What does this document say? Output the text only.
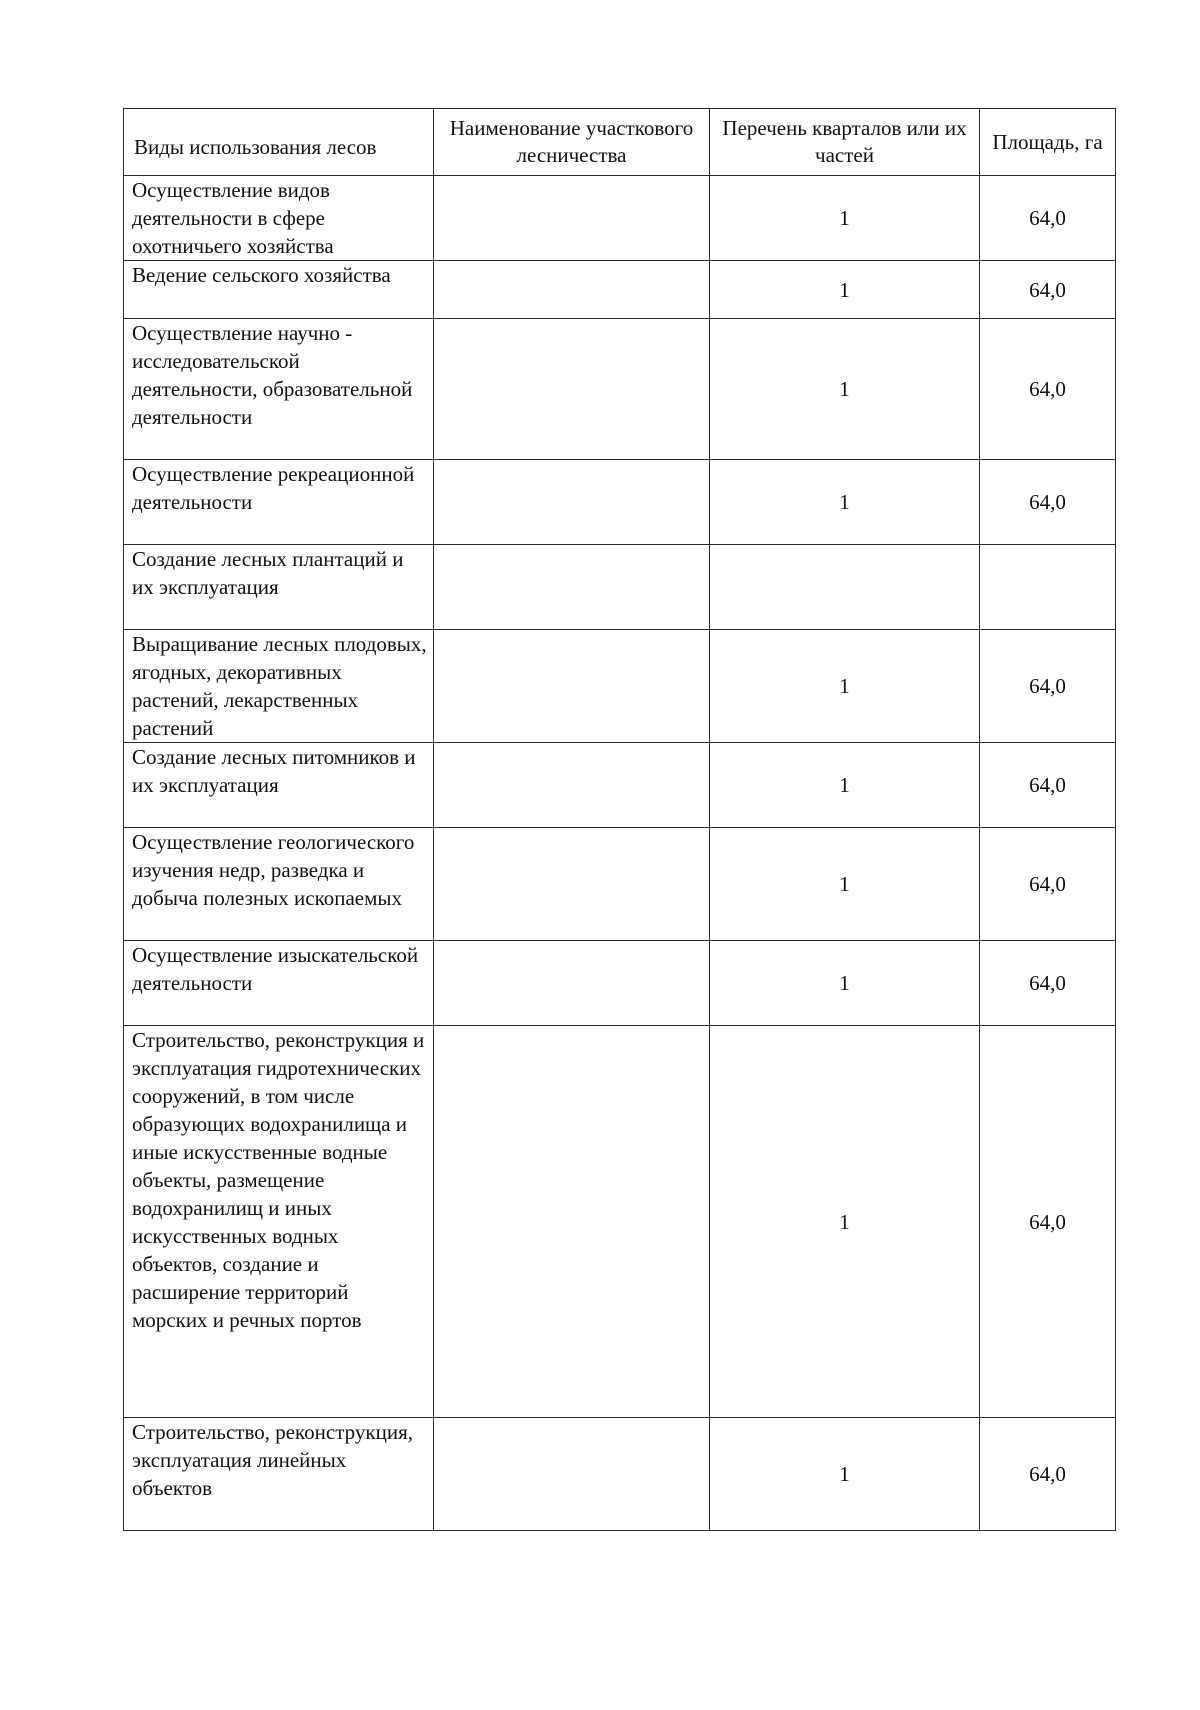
Виды использования лесов	Наименование участкового лесничества	Перечень кварталов или их частей	Площадь, га
Осуществление видов деятельности в сфере охотничьего хозяйства		1	64,0
Ведение сельского хозяйства		1	64,0
Осуществление научно - исследовательской деятельности, образовательной деятельности		1	64,0
Осуществление рекреационной деятельности		1	64,0
Создание лесных плантаций и их эксплуатация			
Выращивание лесных плодовых, ягодных, декоративных растений, лекарственных растений		1	64,0
Создание лесных питомников и их эксплуатация		1	64,0
Осуществление геологического изучения недр, разведка и добыча полезных ископаемых		1	64,0
Осуществление изыскательской деятельности		1	64,0
Строительство, реконструкция и эксплуатация гидротехнических сооружений, в том числе образующих водохранилища и иные искусственные водные объекты, размещение водохранилищ и иных искусственных водных объектов, создание и расширение территорий морских и речных портов		1	64,0
Строительство, реконструкция, эксплуатация линейных объектов		1	64,0
